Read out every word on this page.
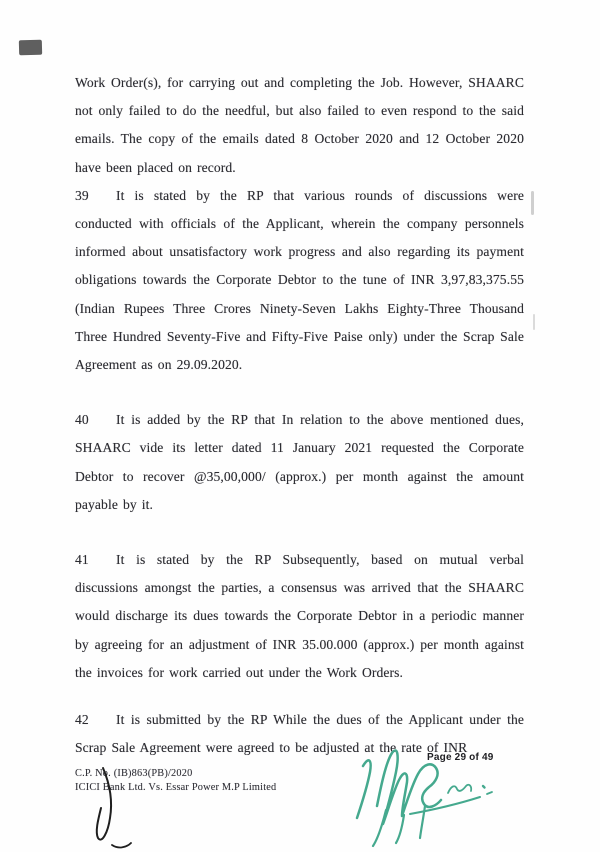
Work Order(s), for carrying out and completing the Job. However, SHAARC not only failed to do the needful, but also failed to even respond to the said emails. The copy of the emails dated 8 October 2020 and 12 October 2020 have been placed on record.

39 It is stated by the RP that various rounds of discussions were conducted with officials of the Applicant, wherein the company personnels informed about unsatisfactory work progress and also regarding its payment obligations towards the Corporate Debtor to the tune of INR 3,97,83,375.55 (Indian Rupees Three Crores Ninety-Seven Lakhs Eighty-Three Thousand Three Hundred Seventy-Five and Fifty-Five Paise only) under the Scrap Sale Agreement as on 29.09.2020.

40 It is added by the RP that In relation to the above mentioned dues, SHAARC vide its letter dated 11 January 2021 requested the Corporate Debtor to recover @35,00,000/ (approx.) per month against the amount payable by it.

41 It is stated by the RP Subsequently, based on mutual verbal discussions amongst the parties, a consensus was arrived that the SHAARC would discharge its dues towards the Corporate Debtor in a periodic manner by agreeing for an adjustment of INR 35.00.000 (approx.) per month against the invoices for work carried out under the Work Orders.

42 It is submitted by the RP While the dues of the Applicant under the Scrap Sale Agreement were agreed to be adjusted at the rate of INR

Page 29 of 49
C.P. No. (IB)863(PB)/2020
ICICI Bank Ltd. Vs. Essar Power M.P Limited
